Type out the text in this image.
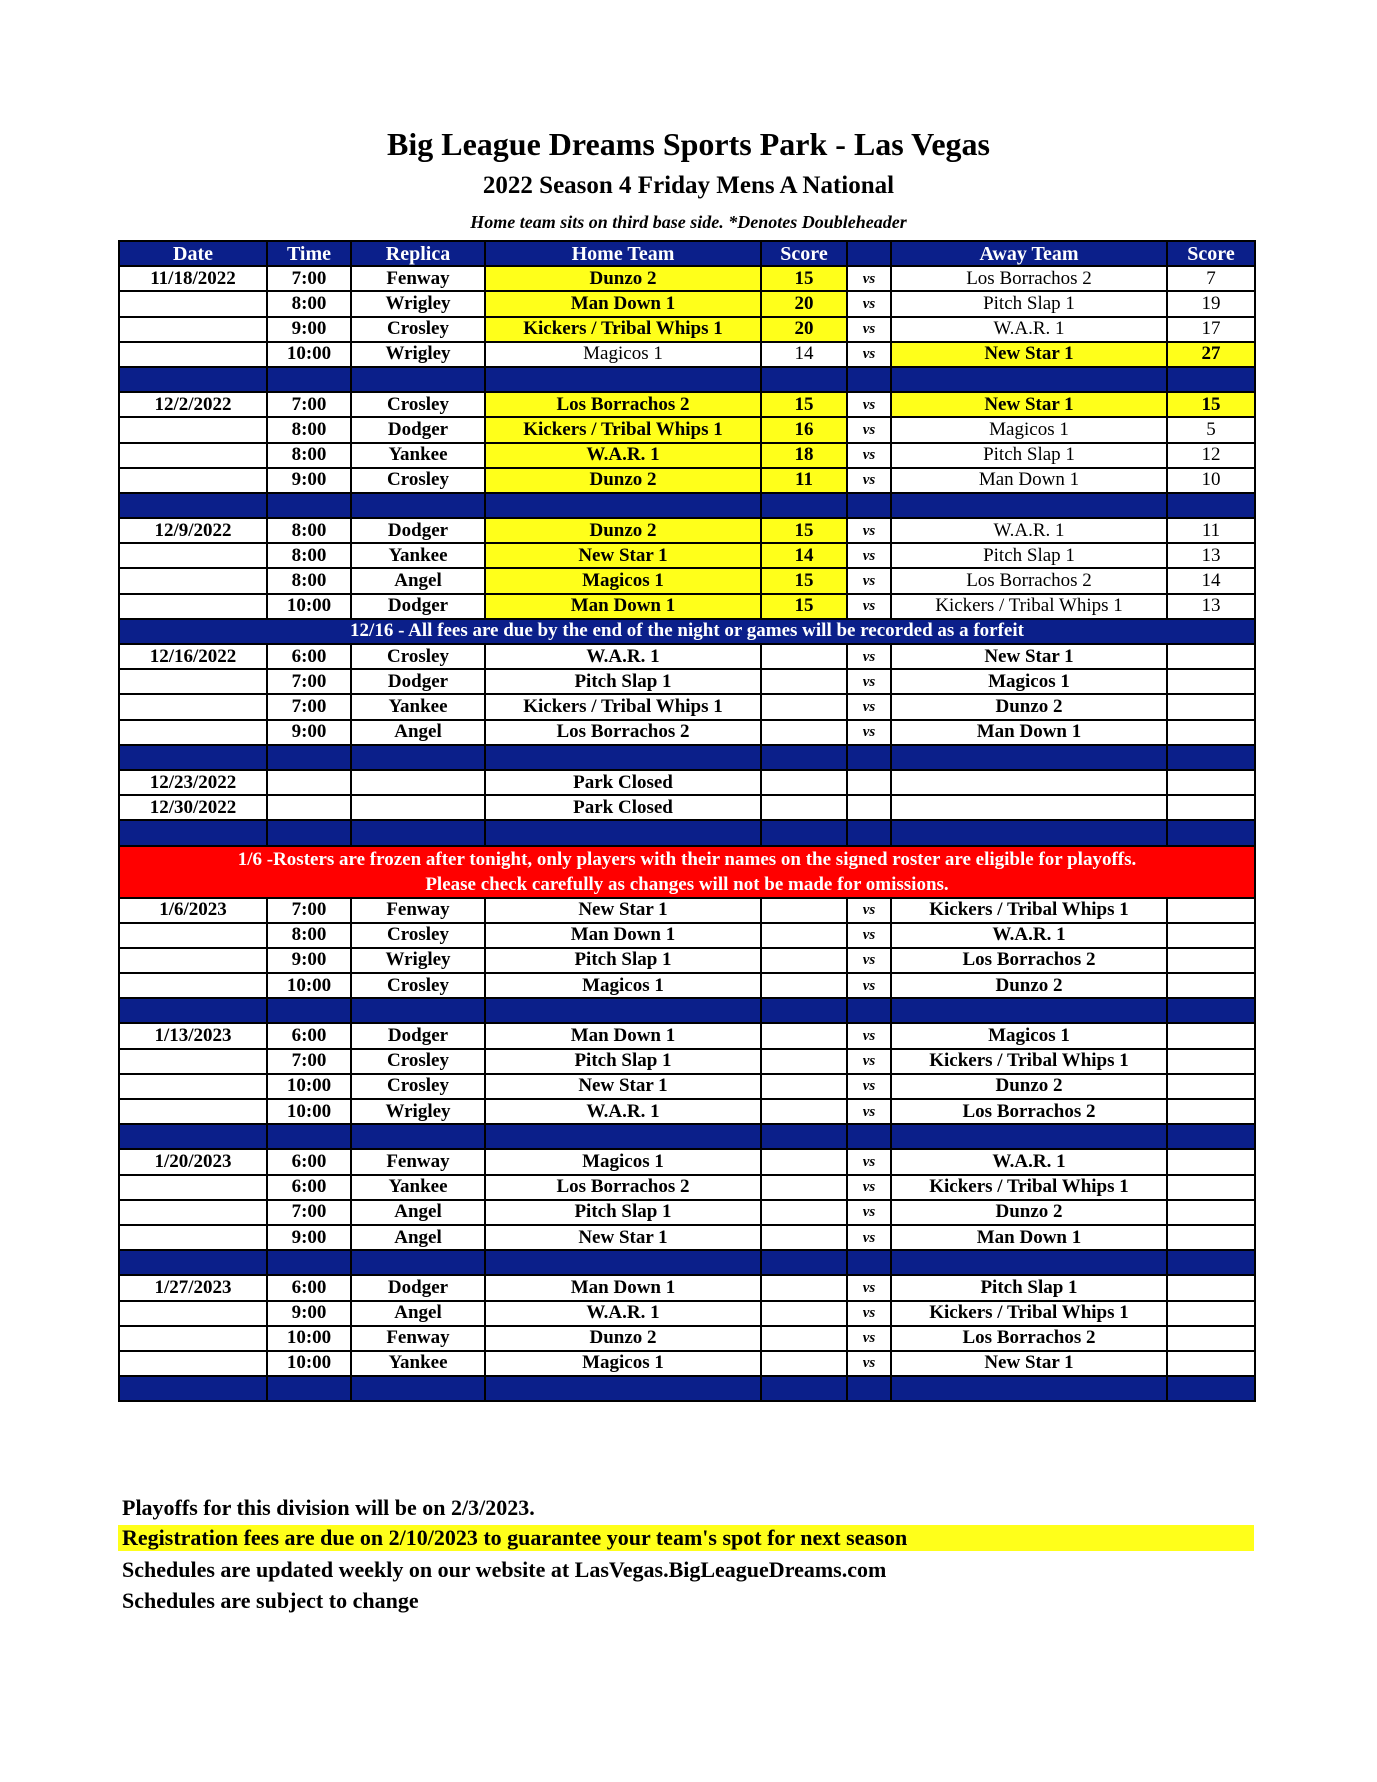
Big League Dreams Sports Park - Las Vegas
2022 Season 4 Friday Mens A National
Home team sits on third base side. *Denotes Doubleheader
Date	Time	Replica	Home Team	Score		Away Team	Score
11/18/2022	7:00	Fenway	Dunzo 2	15	vs	Los Borrachos 2	7
	8:00	Wrigley	Man Down 1	20	vs	Pitch Slap 1	19
	9:00	Crosley	Kickers / Tribal Whips 1	20	vs	W.A.R. 1	17
	10:00	Wrigley	Magicos 1	14	vs	New Star 1	27

12/2/2022	7:00	Crosley	Los Borrachos 2	15	vs	New Star 1	15
	8:00	Dodger	Kickers / Tribal Whips 1	16	vs	Magicos 1	5
	8:00	Yankee	W.A.R. 1	18	vs	Pitch Slap 1	12
	9:00	Crosley	Dunzo 2	11	vs	Man Down 1	10

12/9/2022	8:00	Dodger	Dunzo 2	15	vs	W.A.R. 1	11
	8:00	Yankee	New Star 1	14	vs	Pitch Slap 1	13
	8:00	Angel	Magicos 1	15	vs	Los Borrachos 2	14
	10:00	Dodger	Man Down 1	15	vs	Kickers / Tribal Whips 1	13
12/16 - All fees are due by the end of the night or games will be recorded as a forfeit							
12/16/2022	6:00	Crosley	W.A.R. 1		vs	New Star 1	
	7:00	Dodger	Pitch Slap 1		vs	Magicos 1	
	7:00	Yankee	Kickers / Tribal Whips 1		vs	Dunzo 2	
	9:00	Angel	Los Borrachos 2		vs	Man Down 1	

12/23/2022			Park Closed				
12/30/2022			Park Closed				

1/6 -Rosters are frozen after tonight, only players with their names on the signed roster are eligible for playoffs.
Please check carefully as changes will not be made for omissions.							

1/6/2023	7:00	Fenway	New Star 1		vs	Kickers / Tribal Whips 1	
	8:00	Crosley	Man Down 1		vs	W.A.R. 1	
	9:00	Wrigley	Pitch Slap 1		vs	Los Borrachos 2	
	10:00	Crosley	Magicos 1		vs	Dunzo 2	

1/13/2023	6:00	Dodger	Man Down 1		vs	Magicos 1	
	7:00	Crosley	Pitch Slap 1		vs	Kickers / Tribal Whips 1	
	10:00	Crosley	New Star 1		vs	Dunzo 2	
	10:00	Wrigley	W.A.R. 1		vs	Los Borrachos 2	

1/20/2023	6:00	Fenway	Magicos 1		vs	W.A.R. 1	
	6:00	Yankee	Los Borrachos 2		vs	Kickers / Tribal Whips 1	
	7:00	Angel	Pitch Slap 1		vs	Dunzo 2	
	9:00	Angel	New Star 1		vs	Man Down 1	

1/27/2023	6:00	Dodger	Man Down 1		vs	Pitch Slap 1	
	9:00	Angel	W.A.R. 1		vs	Kickers / Tribal Whips 1	
	10:00	Fenway	Dunzo 2		vs	Los Borrachos 2	
	10:00	Yankee	Magicos 1		vs	New Star 1	

Playoffs for this division will be on 2/3/2023.
Registration fees are due on 2/10/2023 to guarantee your team's spot for next season
Schedules are updated weekly on our website at LasVegas.BigLeagueDreams.com
Schedules are subject to change
